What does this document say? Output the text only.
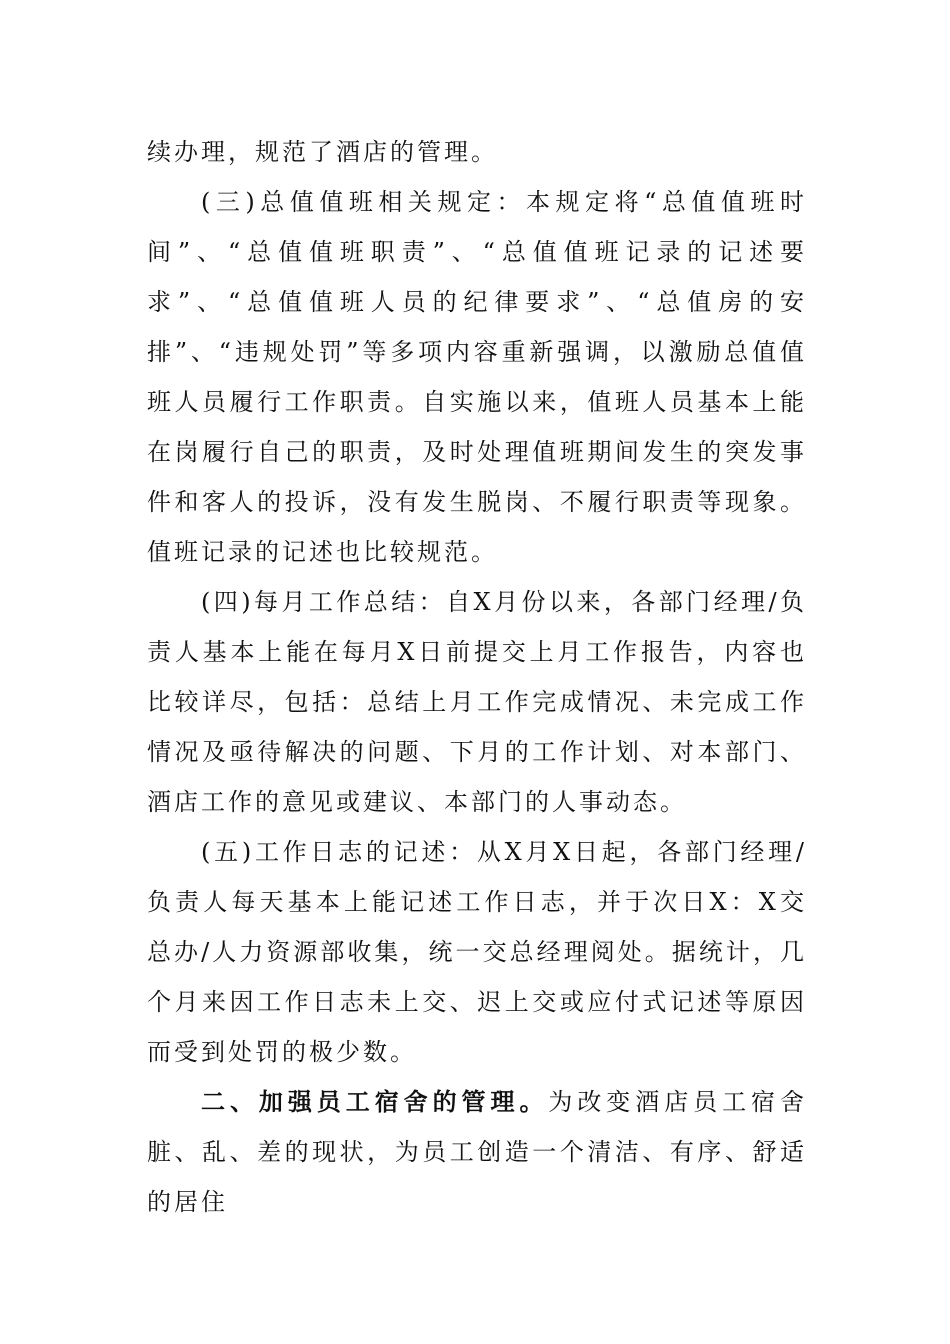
续办理，规范了酒店的管理。

(三)总值值班相关规定：本规定将“总值值班时间”、“总值值班职责”、“总值值班记录的记述要求”、“总值值班人员的纪律要求”、“总值房的安排”、“违规处罚”等多项内容重新强调，以激励总值值班人员履行工作职责。自实施以来，值班人员基本上能在岗履行自己的职责，及时处理值班期间发生的突发事件和客人的投诉，没有发生脱岗、不履行职责等现象。值班记录的记述也比较规范。

(四)每月工作总结：自X月份以来，各部门经理/负责人基本上能在每月X日前提交上月工作报告，内容也比较详尽，包括：总结上月工作完成情况、未完成工作情况及亟待解决的问题、下月的工作计划、对本部门、酒店工作的意见或建议、本部门的人事动态。

(五)工作日志的记述：从X月X日起，各部门经理/负责人每天基本上能记述工作日志，并于次日X：X交总办/人力资源部收集，统一交总经理阅处。据统计，几个月来因工作日志未上交、迟上交或应付式记述等原因而受到处罚的极少数。

二、加强员工宿舍的管理。为改变酒店员工宿舍脏、乱、差的现状，为员工创造一个清洁、有序、舒适的居住
